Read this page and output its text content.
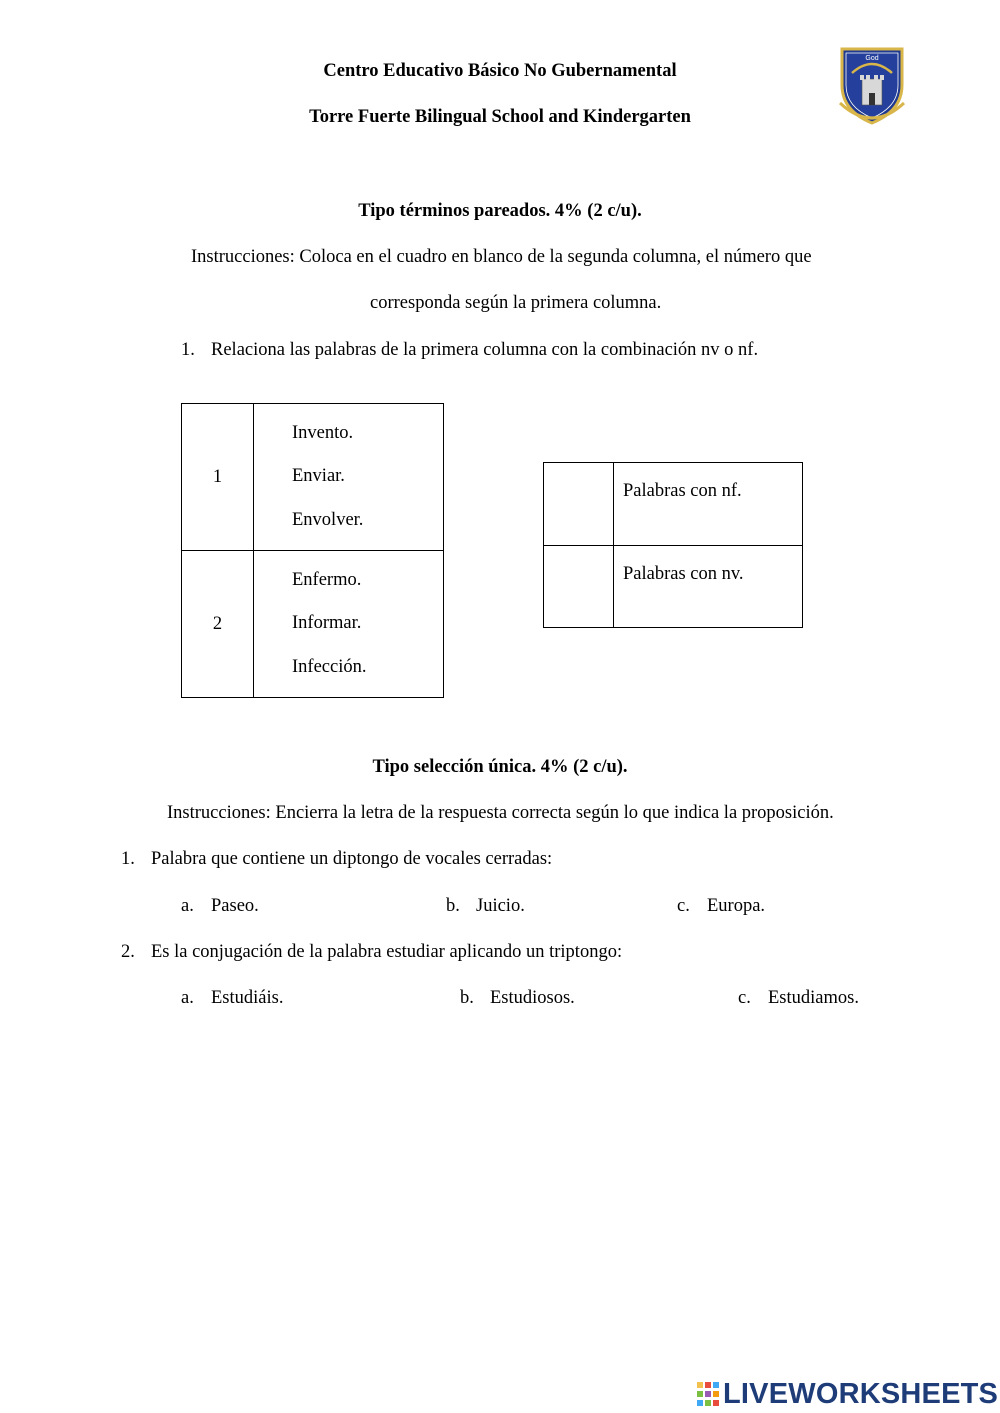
Centro Educativo Básico No Gubernamental
Torre Fuerte Bilingual School and Kindergarten
God
Tipo términos pareados. 4% (2 c/u).
Instrucciones: Coloca en el cuadro en blanco de la segunda columna, el número que
corresponda según la primera columna.
1. Relaciona las palabras de la primera columna con la combinación nv o nf.
1	Invento.
Enviar.
Envolver.

2	Enfermo.
Informar.
Infección.
	Palabras con nf.
	Palabras con nv.
Tipo selección única. 4% (2 c/u).
Instrucciones: Encierra la letra de la respuesta correcta según lo que indica la proposición.
1. Palabra que contiene un diptongo de vocales cerradas:
a. Paseo.	b. Juicio.	c. Europa.
2. Es la conjugación de la palabra estudiar aplicando un triptongo:
a. Estudiáis.	b. Estudiosos.	c. Estudiamos.
LIVEWORKSHEETS
